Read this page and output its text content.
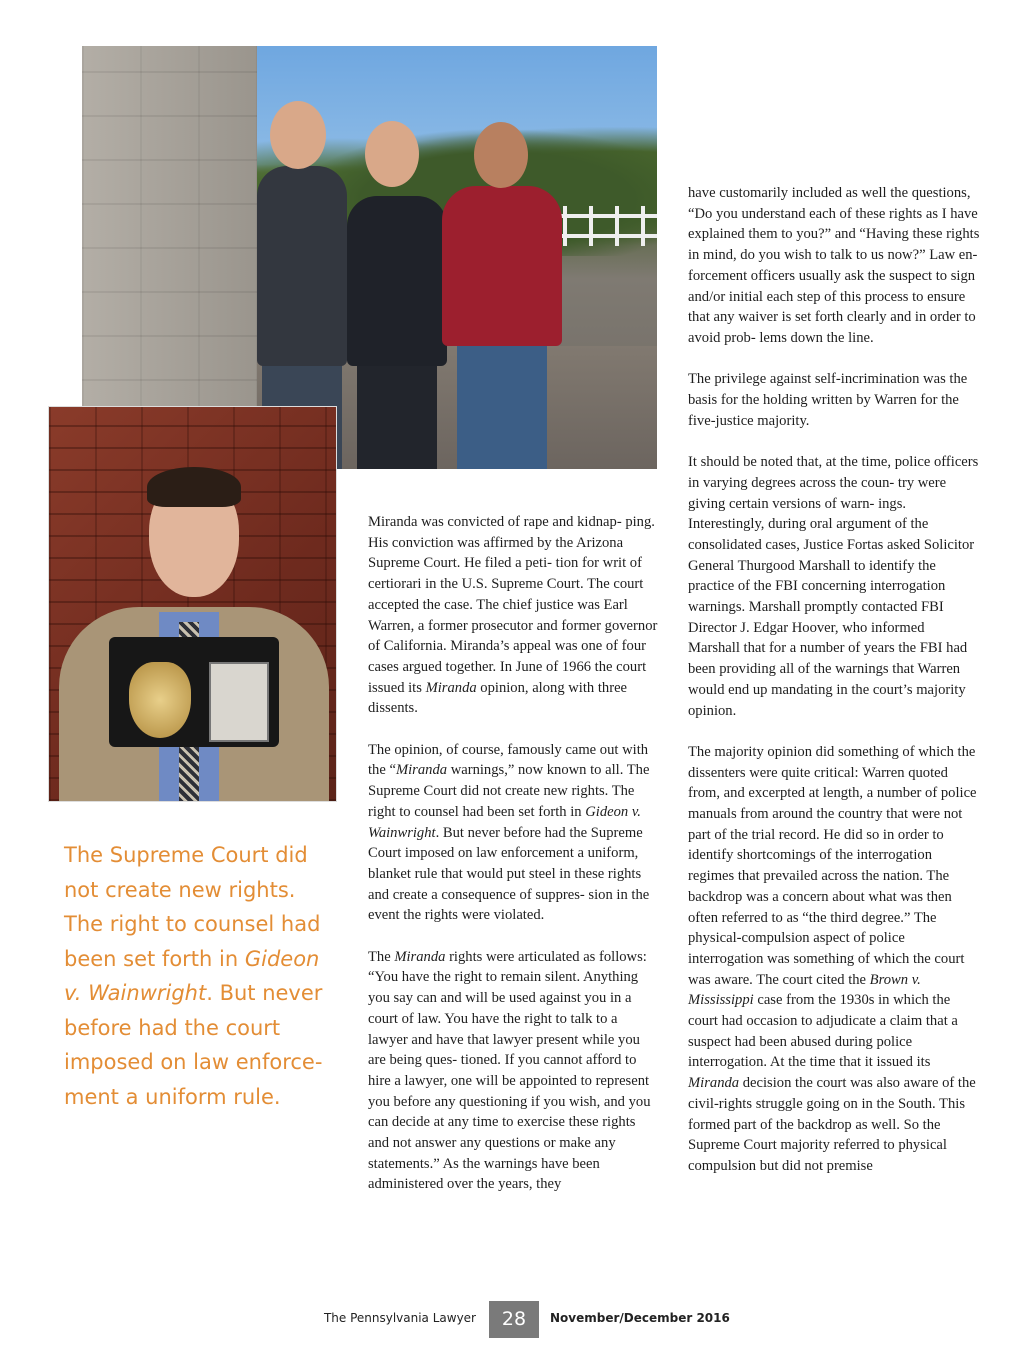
The Supreme Court did not create new rights. The right to counsel had been set forth in Gideon v. Wainwright. But never before had the court imposed on law enforce- ment a uniform rule.

Miranda was convicted of rape and kidnap- ping. His conviction was affirmed by the Arizona Supreme Court. He filed a peti- tion for writ of certiorari in the U.S. Supreme Court. The court accepted the case. The chief justice was Earl Warren, a former prosecutor and former governor of California. Miranda’s appeal was one of four cases argued together. In June of 1966 the court issued its Miranda opinion, along with three dissents.

The opinion, of course, famously came out with the “Miranda warnings,” now known to all. The Supreme Court did not create new rights. The right to counsel had been set forth in Gideon v. Wainwright. But never before had the Supreme Court imposed on law enforcement a uniform, blanket rule that would put steel in these rights and create a consequence of suppres- sion in the event the rights were violated.

The Miranda rights were articulated as follows: “You have the right to remain silent. Anything you say can and will be used against you in a court of law. You have the right to talk to a lawyer and have that lawyer present while you are being ques- tioned. If you cannot afford to hire a lawyer, one will be appointed to represent you before any questioning if you wish, and you can decide at any time to exercise these rights and not answer any questions or make any statements.” As the warnings have been administered over the years, they

have customarily included as well the questions, “Do you understand each of these rights as I have explained them to you?” and “Having these rights in mind, do you wish to talk to us now?” Law en- forcement officers usually ask the suspect to sign and/or initial each step of this process to ensure that any waiver is set forth clearly and in order to avoid prob- lems down the line.

The privilege against self-incrimination was the basis for the holding written by Warren for the five-justice majority.

It should be noted that, at the time, police officers in varying degrees across the coun- try were giving certain versions of warn- ings. Interestingly, during oral argument of the consolidated cases, Justice Fortas asked Solicitor General Thurgood Marshall to identify the practice of the FBI concerning interrogation warnings. Marshall promptly contacted FBI Director J. Edgar Hoover, who informed Marshall that for a number of years the FBI had been providing all of the warnings that Warren would end up mandating in the court’s majority opinion.

The majority opinion did something of which the dissenters were quite critical: Warren quoted from, and excerpted at length, a number of police manuals from around the country that were not part of the trial record. He did so in order to identify shortcomings of the interrogation regimes that prevailed across the nation. The backdrop was a concern about what was then often referred to as “the third degree.” The physical-compulsion aspect of police interrogation was something of which the court was aware. The court cited the Brown v. Mississippi case from the 1930s in which the court had occasion to adjudicate a claim that a suspect had been abused during police interrogation. At the time that it issued its Miranda decision the court was also aware of the civil-rights struggle going on in the South. This formed part of the backdrop as well. So the Supreme Court majority referred to physical compulsion but did not premise

The Pennsylvania Lawyer	28	November/December 2016
